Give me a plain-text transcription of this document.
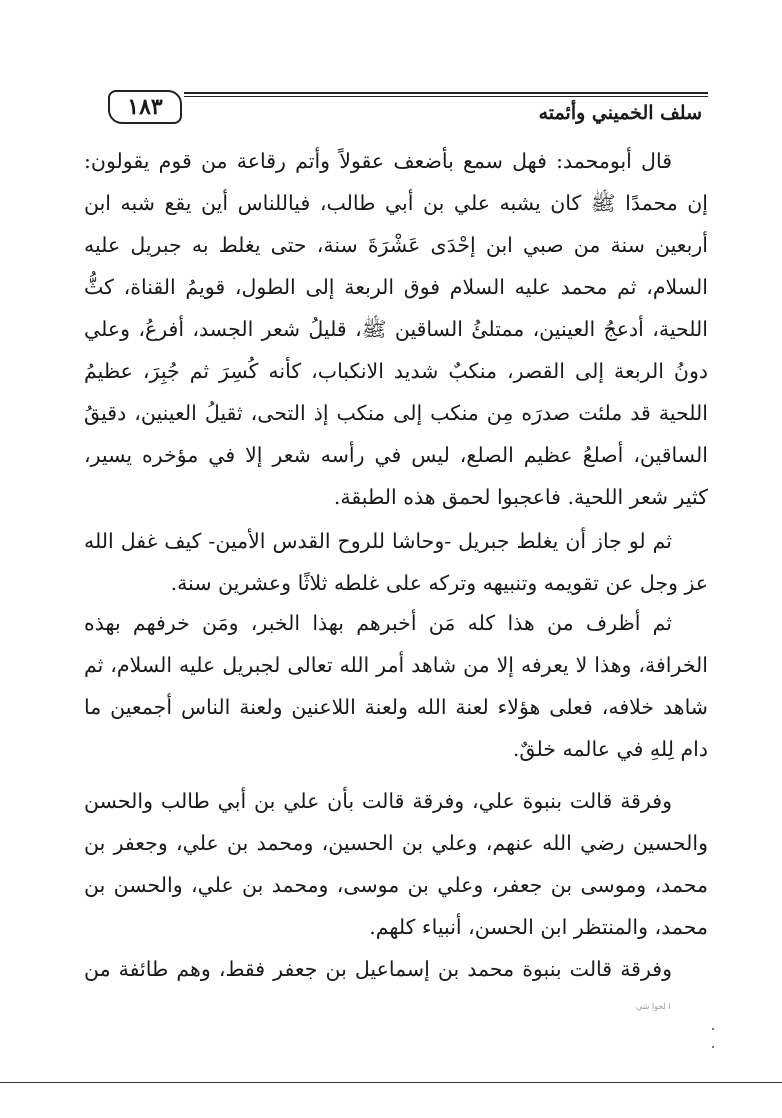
١٨٣	سلف الخميني وأئمته

قال أبومحمد: فهل سمع بأضعف عقولاً وأتم رقاعة من قوم يقولون: إن محمدًا ﷺ كان يشبه علي بن أبي طالب، فياللناس أين يقع شبه ابن أربعين سنة من صبي ابن إحْدَى عَشْرَةَ سنة، حتى يغلط به جبريل عليه السلام، ثم محمد عليه السلام فوق الربعة إلى الطول، قويمُ القناة، كثُّ اللحية، أدعجُ العينين، ممتلئُ الساقين ﷺ، قليلُ شعر الجسد، أفرعُ، وعلي دونُ الربعة إلى القصر، منكبٌ شديد الانكباب، كأنه كُسِرَ ثم جُبِرَ، عظيمُ اللحية قد ملئت صدرَه مِن منكب إلى منكب إذ التحى، ثقيلُ العينين، دقيقُ الساقين، أصلعُ عظيم الصلع، ليس في رأسه شعر إلا في مؤخره يسير، كثير شعر اللحية. فاعجبوا لحمق هذه الطبقة.

ثم لو جاز أن يغلط جبريل -وحاشا للروح القدس الأمين- كيف غفل الله عز وجل عن تقويمه وتنبيهه وتركه على غلطه ثلاثًا وعشرين سنة.

ثم أظرف من هذا كله مَن أخبرهم بهذا الخبر، ومَن خرفهم بهذه الخرافة، وهذا لا يعرفه إلا من شاهد أمر الله تعالى لجبريل عليه السلام، ثم شاهد خلافه، فعلى هؤلاء لعنة الله ولعنة اللاعنين ولعنة الناس أجمعين ما دام لِلهِ في عالمه خلقٌ.

وفرقة قالت بنبوة علي، وفرقة قالت بأن علي بن أبي طالب والحسن والحسين رضي الله عنهم، وعلي بن الحسين، ومحمد بن علي، وجعفر بن محمد، وموسى بن جعفر، وعلي بن موسى، ومحمد بن علي، والحسن بن محمد، والمنتظر ابن الحسن، أنبياء كلهم.

وفرقة قالت بنبوة محمد بن إسماعيل بن جعفر فقط، وهم طائفة من

ﺍ ﻟﺤﻮﺍ ﺷﻲ
